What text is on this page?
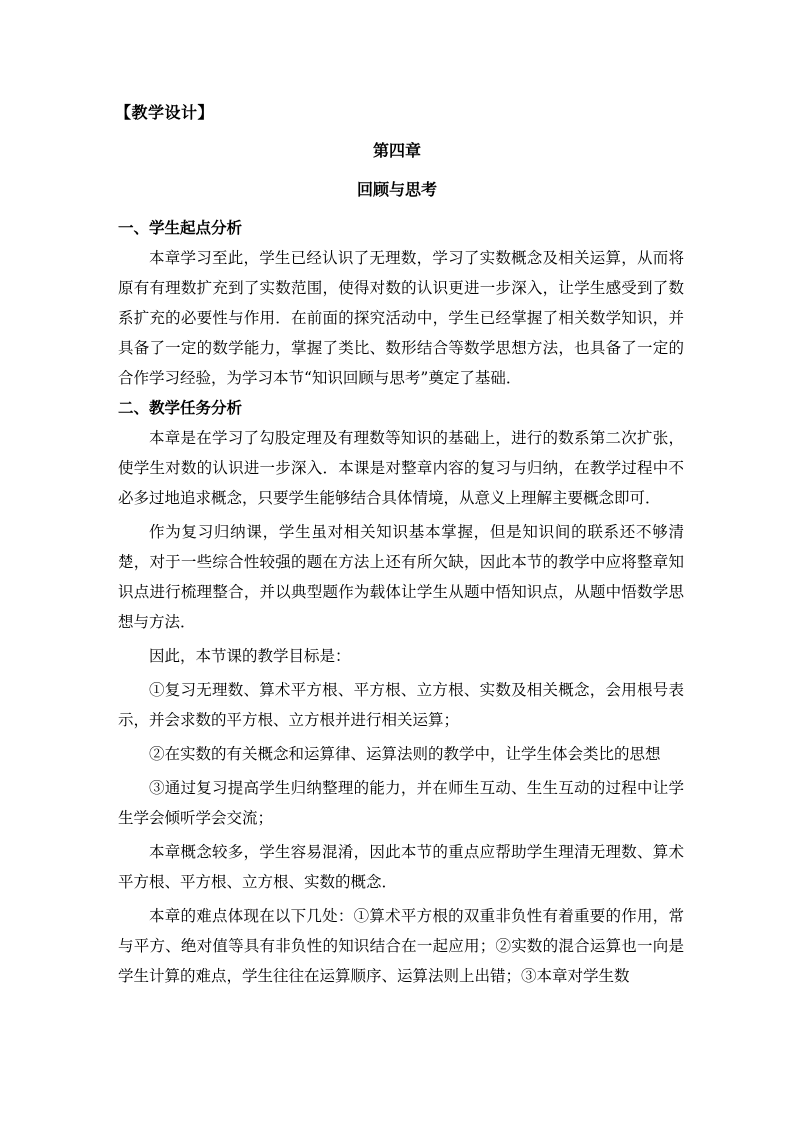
【教学设计】
第四章
回顾与思考

一、学生起点分析

本章学习至此，学生已经认识了无理数，学习了实数概念及相关运算，从而将原有有理数扩充到了实数范围，使得对数的认识更进一步深入，让学生感受到了数系扩充的必要性与作用．在前面的探究活动中，学生已经掌握了相关数学知识，并具备了一定的数学能力，掌握了类比、数形结合等数学思想方法，也具备了一定的合作学习经验，为学习本节“知识回顾与思考”奠定了基础．

二、教学任务分析

本章是在学习了勾股定理及有理数等知识的基础上，进行的数系第二次扩张，使学生对数的认识进一步深入．本课是对整章内容的复习与归纳，在教学过程中不必多过地追求概念，只要学生能够结合具体情境，从意义上理解主要概念即可．

作为复习归纳课，学生虽对相关知识基本掌握，但是知识间的联系还不够清楚，对于一些综合性较强的题在方法上还有所欠缺，因此本节的教学中应将整章知识点进行梳理整合，并以典型题作为载体让学生从题中悟知识点，从题中悟数学思想与方法．

因此，本节课的教学目标是：

①复习无理数、算术平方根、平方根、立方根、实数及相关概念，会用根号表示，并会求数的平方根、立方根并进行相关运算；

②在实数的有关概念和运算律、运算法则的教学中，让学生体会类比的思想

③通过复习提高学生归纳整理的能力，并在师生互动、生生互动的过程中让学生学会倾听学会交流；

本章概念较多，学生容易混淆，因此本节的重点应帮助学生理清无理数、算术平方根、平方根、立方根、实数的概念．

本章的难点体现在以下几处：①算术平方根的双重非负性有着重要的作用，常与平方、绝对值等具有非负性的知识结合在一起应用；②实数的混合运算也一向是学生计算的难点，学生往往在运算顺序、运算法则上出错；③本章对学生数
